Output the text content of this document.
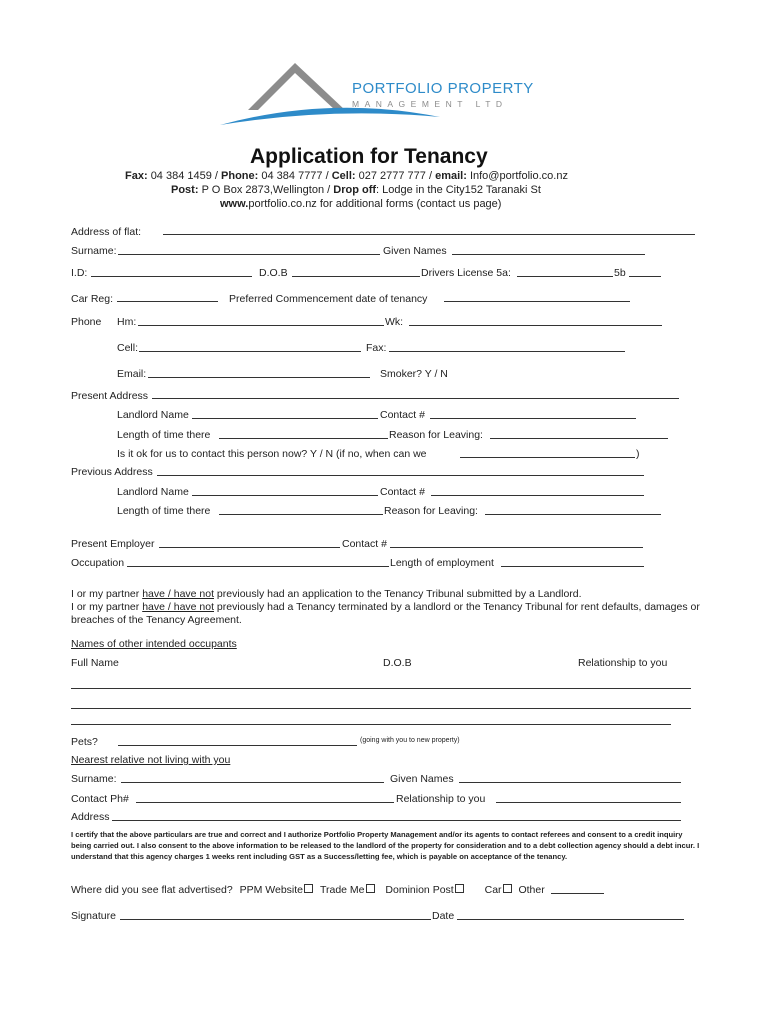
PORTFOLIO PROPERTY
MANAGEMENT LTD
Application for Tenancy
Fax: 04 384 1459 / Phone: 04 384 7777 / Cell: 027 2777 777 / email: Info@portfolio.co.nz
Post: P O Box 2873,Wellington / Drop off: Lodge in the City152 Taranaki St
www.portfolio.co.nz for additional forms (contact us page)
Address of flat:
Surname:	Given Names
I.D:	D.O.B	Drivers License 5a:	5b
Car Reg:	Preferred Commencement date of tenancy
Phone Hm:	Wk:
Cell:	Fax:
Email:	Smoker? Y / N
Present Address
Landlord Name	Contact #
Length of time there	Reason for Leaving:
Is it ok for us to contact this person now? Y / N (if no, when can we	)
Previous Address
Landlord Name	Contact #
Length of time there	Reason for Leaving:
Present Employer	Contact #
Occupation	Length of employment
I or my partner have / have not previously had an application to the Tenancy Tribunal submitted by a Landlord.
I or my partner have / have not previously had a Tenancy terminated by a landlord or the Tenancy Tribunal for rent defaults, damages or breaches of the Tenancy Agreement.
Names of other intended occupants
Full Name	D.O.B	Relationship to you
Pets?	(going with you to new property)
Nearest relative not living with you
Surname:	Given Names
Contact Ph#	Relationship to you
Address
I certify that the above particulars are true and correct and I authorize Portfolio Property Management and/or its agents to contact referees and consent to a credit inquiry being carried out. I also consent to the above information to be released to the landlord of the property for consideration and to a debt collection agency should a debt incur. I understand that this agency charges 1 weeks rent including GST as a Success/letting fee, which is payable on acceptance of the tenancy.
Where did you see flat advertised? PPM Website Trade Me Dominion Post	Car Other
Signature	Date
